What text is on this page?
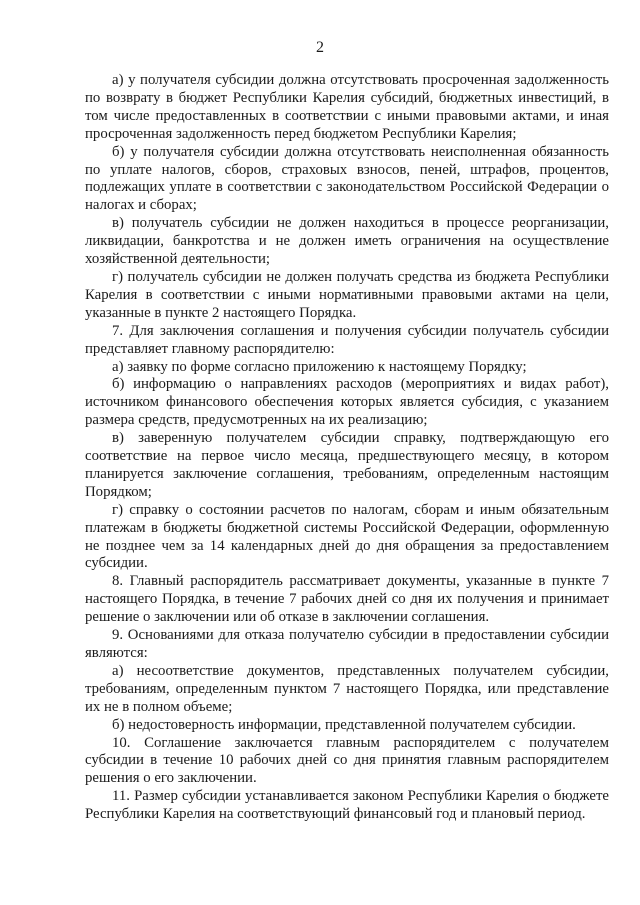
2

а) у получателя субсидии должна отсутствовать просроченная задолженность по возврату в бюджет Республики Карелия субсидий, бюджетных инвестиций, в том числе предоставленных в соответствии с иными правовыми актами, и иная просроченная задолженность перед бюджетом Республики Карелия;

б) у получателя субсидии должна отсутствовать неисполненная обязанность по уплате налогов, сборов, страховых взносов, пеней, штрафов, процентов, подлежащих уплате в соответствии с законодательством Российской Федерации о налогах и сборах;

в) получатель субсидии не должен находиться в процессе реорганизации, ликвидации, банкротства и не должен иметь ограничения на осуществление хозяйственной деятельности;

г) получатель субсидии не должен получать средства из бюджета Республики Карелия в соответствии с иными нормативными правовыми актами на цели, указанные в пункте 2 настоящего Порядка.

7. Для заключения соглашения и получения субсидии получатель субсидии представляет главному распорядителю:

а) заявку по форме согласно приложению к настоящему Порядку;

б) информацию о направлениях расходов (мероприятиях и видах работ), источником финансового обеспечения которых является субсидия, с указанием размера средств, предусмотренных на их реализацию;

в) заверенную получателем субсидии справку, подтверждающую его соответствие на первое число месяца, предшествующего месяцу, в котором планируется заключение соглашения, требованиям, определенным настоящим Порядком;

г) справку о состоянии расчетов по налогам, сборам и иным обязательным платежам в бюджеты бюджетной системы Российской Федерации, оформленную не позднее чем за 14 календарных дней до дня обращения за предоставлением субсидии.

8. Главный распорядитель рассматривает документы, указанные в пункте 7 настоящего Порядка, в течение 7 рабочих дней со дня их получения и принимает решение о заключении или об отказе в заключении соглашения.

9. Основаниями для отказа получателю субсидии в предоставлении субсидии являются:

а) несоответствие документов, представленных получателем субсидии, требованиям, определенным пунктом 7 настоящего Порядка, или представление их не в полном объеме;

б) недостоверность информации, представленной получателем субсидии.

10. Соглашение заключается главным распорядителем с получателем субсидии в течение 10 рабочих дней со дня принятия главным распорядителем решения о его заключении.

11. Размер субсидии устанавливается законом Республики Карелия о бюджете Республики Карелия на соответствующий финансовый год и плановый период.
